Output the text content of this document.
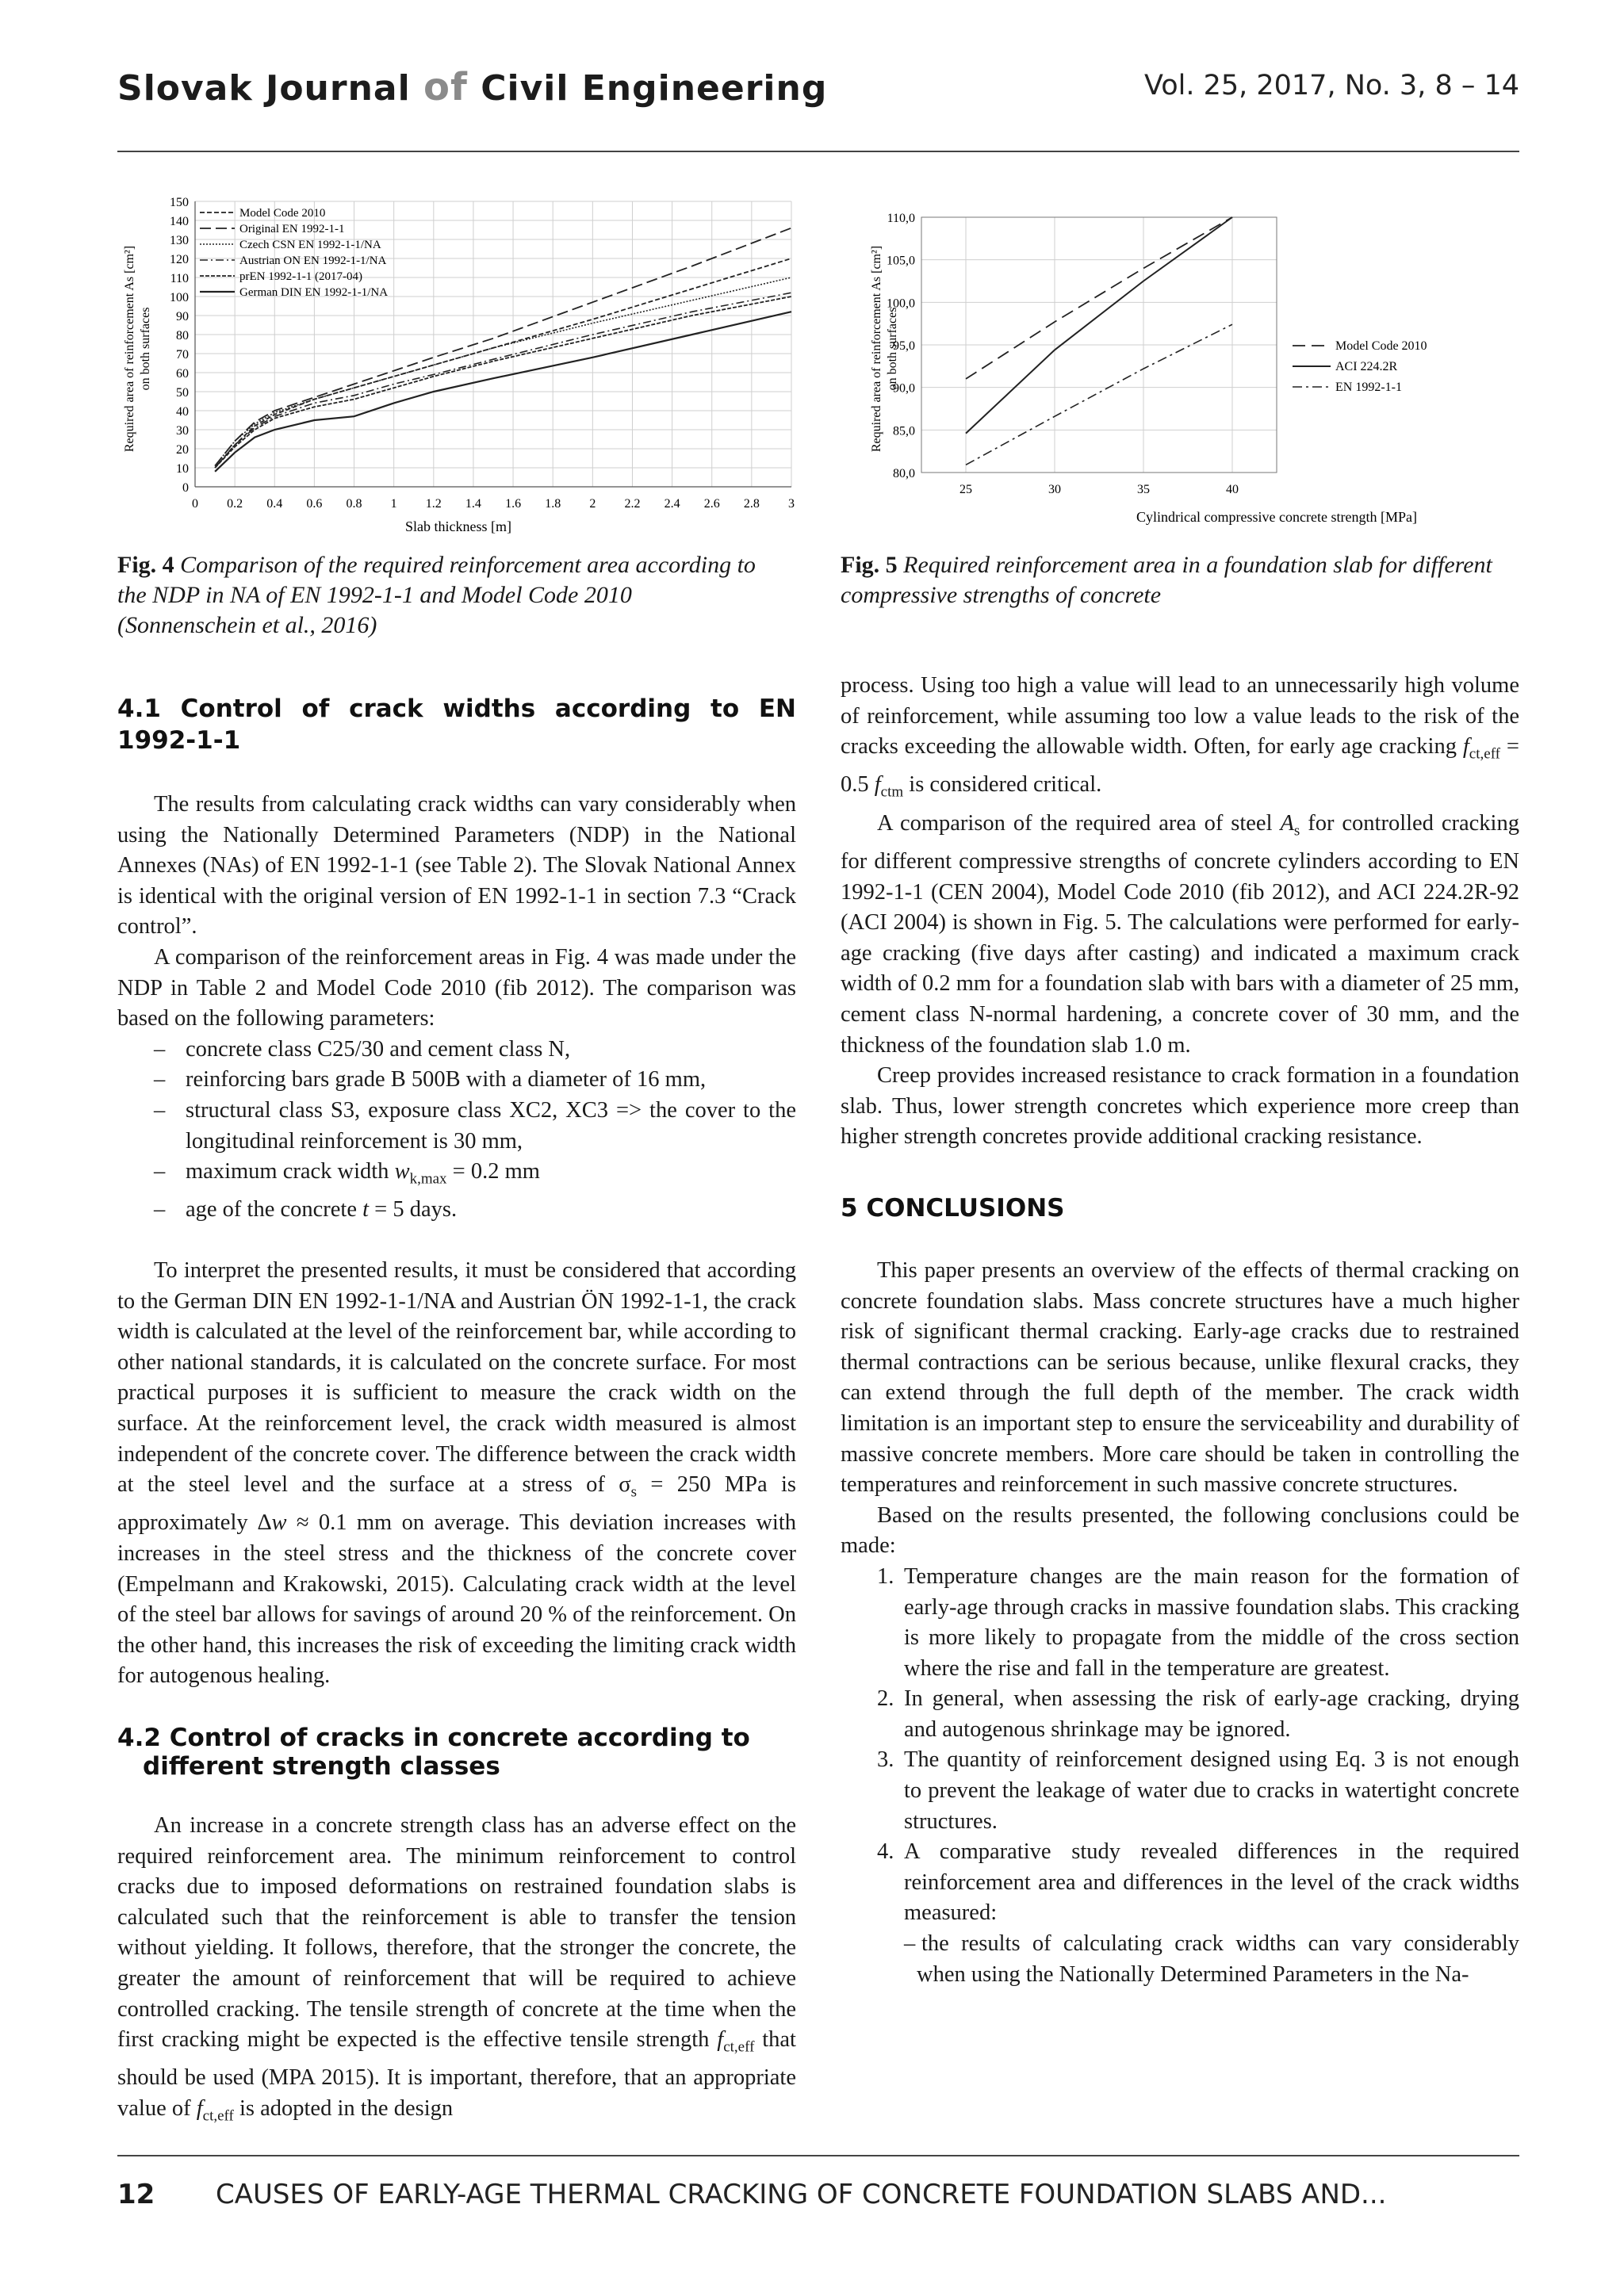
Slovak Journal of Civil Engineering	Vol. 25, 2017, No. 3, 8 – 14
0
10
20
30
40
50
60
70
80
90
100
110
120
130
140
150
0 0.2 0.4 0.6 0.8 1 1.2 1.4 1.6 1.8 2 2.2 2.4 2.6 2.8 3
Model Code 2010
Original EN 1992-1-1
Czech CSN EN 1992-1-1/NA
Austrian ON EN 1992-1-1/NA
prEN 1992-1-1 (2017-04)
German DIN EN 1992-1-1/NA
Slab thickness [m]
Required area of reinforcement As [cm²] on both surfaces
80,0
85,0
90,0
95,0
100,0
105,0
110,0
25	30	35	40
Model Code 2010
ACI 224.2R
EN 1992-1-1
Cylindrical compressive concrete strength [MPa]
Required area of reinforcement As [cm²] on both surfaces
Fig. 4 Comparison of the required reinforcement area according to the NDP in NA of EN 1992-1-1 and Model Code 2010 (Sonnenschein et al., 2016)
Fig. 5 Required reinforcement area in a foundation slab for different compressive strengths of concrete
4.1 Control of crack widths according to EN 1992-1-1

The results from calculating crack widths can vary considerably when using the Nationally Determined Parameters (NDP) in the National Annexes (NAs) of EN 1992-1-1 (see Table 2). The Slovak National Annex is identical with the original version of EN 1992-1-1 in section 7.3 “Crack control”.

A comparison of the reinforcement areas in Fig. 4 was made under the NDP in Table 2 and Model Code 2010 (fib 2012). The comparison was based on the following parameters:

– concrete class C25/30 and cement class N,
– reinforcing bars grade B 500B with a diameter of 16 mm,
– structural class S3, exposure class XC2, XC3 => the cover to the longitudinal reinforcement is 30 mm,
– maximum crack width $w_{k,max} = 0.2$ mm
– age of the concrete t = 5 days.

To interpret the presented results, it must be considered that according to the German DIN EN 1992-1-1/NA and Austrian ÖN 1992-1-1, the crack width is calculated at the level of the reinforcement bar, while according to other national standards, it is calculated on the concrete surface. For most practical purposes it is sufficient to measure the crack width on the surface. At the reinforcement level, the crack width measured is almost independent of the concrete cover. The difference between the crack width at the steel level and the surface at a stress of $\sigma_s = 250$ MPa is approximately ∆w ≈ 0.1 mm on average. This deviation increases with increases in the steel stress and the thickness of the concrete cover (Empelmann and Krakowski, 2015). Calculating crack width at the level of the steel bar allows for savings of around 20 % of the reinforcement. On the other hand, this increases the risk of exceeding the limiting crack width for autogenous healing.

4.2 Control of cracks in concrete according to
different strength classes

An increase in a concrete strength class has an adverse effect on the required reinforcement area. The minimum reinforcement to control cracks due to imposed deformations on restrained foundation slabs is calculated such that the reinforcement is able to transfer the tension without yielding. It follows, therefore, that the stronger the concrete, the greater the amount of reinforcement that will be required to achieve controlled cracking. The tensile strength of concrete at the time when the first cracking might be expected is the effective tensile strength $f_{ct,eff}$ that should be used (MPA 2015). It is important, therefore, that an appropriate value of $f_{ct,eff}$ is adopted in the design

process. Using too high a value will lead to an unnecessarily high volume of reinforcement, while assuming too low a value leads to the risk of the cracks exceeding the allowable width. Often, for early age cracking $f_{ct,eff} = 0.5$ $f_{ctm}$ is considered critical.

A comparison of the required area of steel $A_s$ for controlled cracking for different compressive strengths of concrete cylinders according to EN 1992-1-1 (CEN 2004), Model Code 2010 (fib 2012), and ACI 224.2R-92 (ACI 2004) is shown in Fig. 5. The calculations were performed for early-age cracking (five days after casting) and indicated a maximum crack width of 0.2 mm for a foundation slab with bars with a diameter of 25 mm, cement class N-normal hardening, a concrete cover of 30 mm, and the thickness of the foundation slab 1.0 m.

Creep provides increased resistance to crack formation in a foundation slab. Thus, lower strength concretes which experience more creep than higher strength concretes provide additional cracking resistance.

5 CONCLUSIONS

This paper presents an overview of the effects of thermal cracking on concrete foundation slabs. Mass concrete structures have a much higher risk of significant thermal cracking. Early-age cracks due to restrained thermal contractions can be serious because, unlike flexural cracks, they can extend through the full depth of the member. The crack width limitation is an important step to ensure the serviceability and durability of massive concrete members. More care should be taken in controlling the temperatures and reinforcement in such massive concrete structures.

Based on the results presented, the following conclusions could be made:

1. Temperature changes are the main reason for the formation of early-age through cracks in massive foundation slabs. This cracking is more likely to propagate from the middle of the cross section where the rise and fall in the temperature are greatest.
2. In general, when assessing the risk of early-age cracking, drying and autogenous shrinkage may be ignored.
3. The quantity of reinforcement designed using Eq. 3 is not enough to prevent the leakage of water due to cracks in watertight concrete structures.
4. A comparative study revealed differences in the required reinforcement area and differences in the level of the crack widths measured:
– the results of calculating crack widths can vary considerably when using the Nationally Determined Parameters in the Na-
12 CAUSES OF EARLY-AGE THERMAL CRACKING OF CONCRETE FOUNDATION SLABS AND...
